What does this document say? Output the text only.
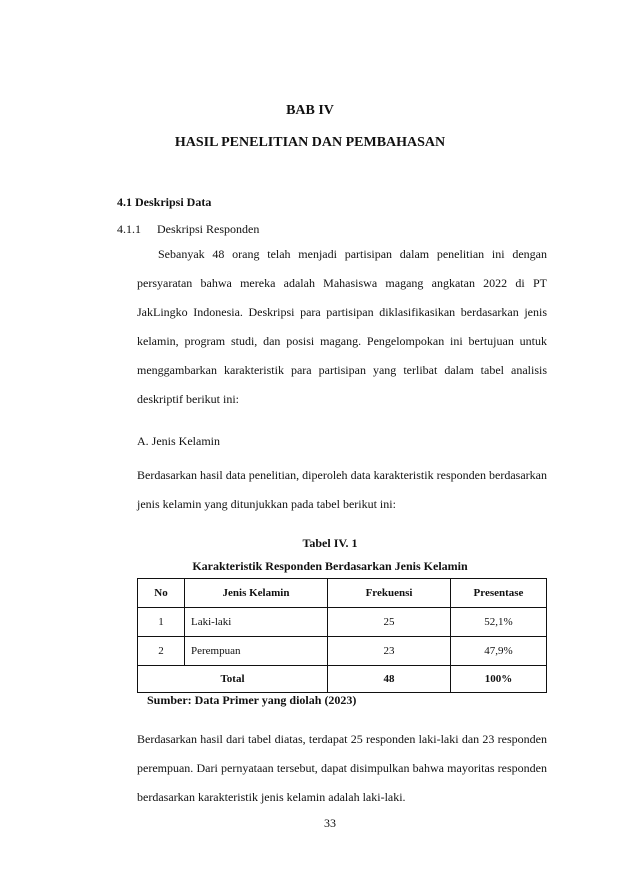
BAB IV
HASIL PENELITIAN DAN PEMBAHASAN
4.1 Deskripsi Data
4.1.1 Deskripsi Responden

Sebanyak 48 orang telah menjadi partisipan dalam penelitian ini dengan persyaratan bahwa mereka adalah Mahasiswa magang angkatan 2022 di PT JakLingko Indonesia. Deskripsi para partisipan diklasifikasikan berdasarkan jenis kelamin, program studi, dan posisi magang. Pengelompokan ini bertujuan untuk menggambarkan karakteristik para partisipan yang terlibat dalam tabel analisis deskriptif berikut ini:

A. Jenis Kelamin

Berdasarkan hasil data penelitian, diperoleh data karakteristik responden berdasarkan jenis kelamin yang ditunjukkan pada tabel berikut ini:

Tabel IV. 1
Karakteristik Responden Berdasarkan Jenis Kelamin
No	Jenis Kelamin	Frekuensi	Presentase
1	Laki-laki	25	52,1%
2	Perempuan	23	47,9%
Total		48	100%
Sumber: Data Primer yang diolah (2023)

Berdasarkan hasil dari tabel diatas, terdapat 25 responden laki-laki dan 23 responden perempuan. Dari pernyataan tersebut, dapat disimpulkan bahwa mayoritas responden berdasarkan karakteristik jenis kelamin adalah laki-laki.

33
